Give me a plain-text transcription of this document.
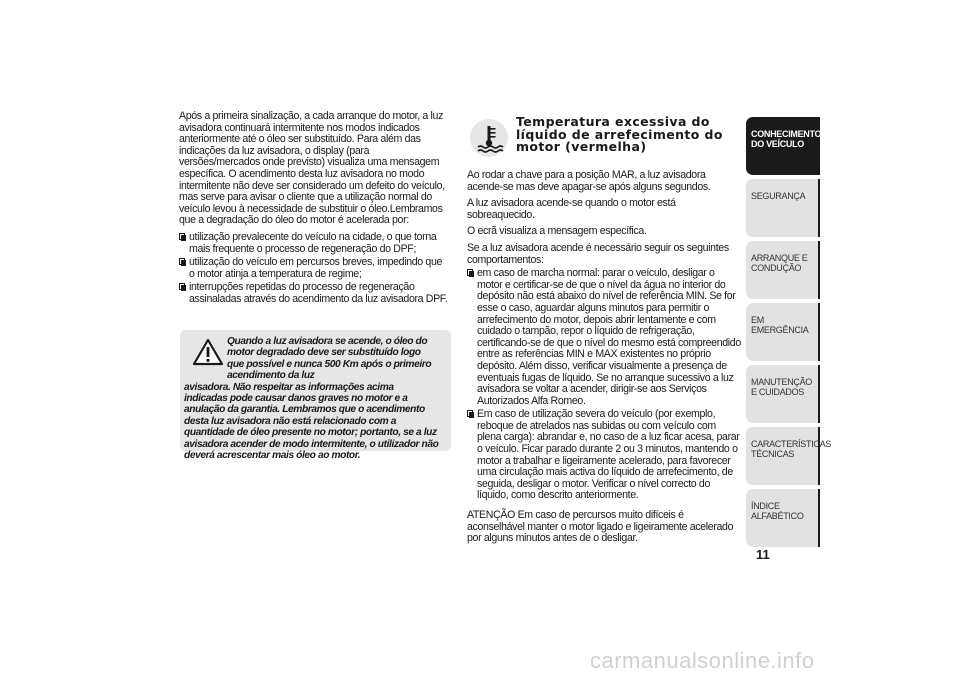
Após a primeira sinalização, a cada arranque do motor, a luz avisadora continuará intermitente nos modos indicados anteriormente até o óleo ser substituído. Para além das indicações da luz avisadora, o display (para versões/mercados onde previsto) visualiza uma mensagem específica. O acendimento desta luz avisadora no modo intermitente não deve ser considerado um defeito do veículo, mas serve para avisar o cliente que a utilização normal do veículo levou à necessidade de substituir o óleo.Lembramos que a degradação do óleo do motor é acelerada por:

utilização prevalecente do veículo na cidade, o que torna mais frequente o processo de regeneração do DPF;
utilização do veículo em percursos breves, impedindo que o motor atinja a temperatura de regime;
interrupções repetidas do processo de regeneração assinaladas através do acendimento da luz avisadora DPF.
Quando a luz avisadora se acende, o óleo do motor degradado deve ser substituído logo que possível e nunca 500 Km após o primeiro acendimento da luz
avisadora. Não respeitar as informações acima indicadas pode causar danos graves no motor e a anulação da garantia. Lembramos que o acendimento desta luz avisadora não está relacionado com a quantidade de óleo presente no motor; portanto, se a luz avisadora acender de modo intermitente, o utilizador não deverá acrescentar mais óleo ao motor.
Temperatura excessiva do líquido de arrefecimento do motor (vermelha)

Ao rodar a chave para a posição MAR, a luz avisadora acende-se mas deve apagar-se após alguns segundos.

A luz avisadora acende-se quando o motor está sobreaquecido.

O ecrã visualiza a mensagem específica.

Se a luz avisadora acende é necessário seguir os seguintes comportamentos:

em caso de marcha normal: parar o veículo, desligar o motor e certificar-se de que o nível da água no interior do depósito não está abaixo do nível de referência MIN. Se for esse o caso, aguardar alguns minutos para permitir o arrefecimento do motor, depois abrir lentamente e com cuidado o tampão, repor o líquido de refrigeração, certificando-se de que o nível do mesmo está compreendido entre as referências MIN e MAX existentes no próprio depósito. Além disso, verificar visualmente a presença de eventuais fugas de líquido. Se no arranque sucessivo a luz avisadora se voltar a acender, dirigir-se aos Serviços Autorizados Alfa Romeo.
Em caso de utilização severa do veículo (por exemplo, reboque de atrelados nas subidas ou com veículo com plena carga): abrandar e, no caso de a luz ficar acesa, parar o veículo. Ficar parado durante 2 ou 3 minutos, mantendo o motor a trabalhar e ligeiramente acelerado, para favorecer uma circulação mais activa do líquido de arrefecimento, de seguida, desligar o motor. Verificar o nível correcto do líquido, como descrito anteriormente.

ATENÇÃO Em caso de percursos muito difíceis é aconselhável manter o motor ligado e ligeiramente acelerado por alguns minutos antes de o desligar.

CONHECIMENTO DO VEÍCULO
SEGURANÇA
ARRANQUE E CONDUÇÃO
EM EMERGÊNCIA
MANUTENÇÃO E CUIDADOS
CARACTERÍSTICAS TÉCNICAS
ÍNDICE ALFABÉTICO
11
carmanualsonline.info
